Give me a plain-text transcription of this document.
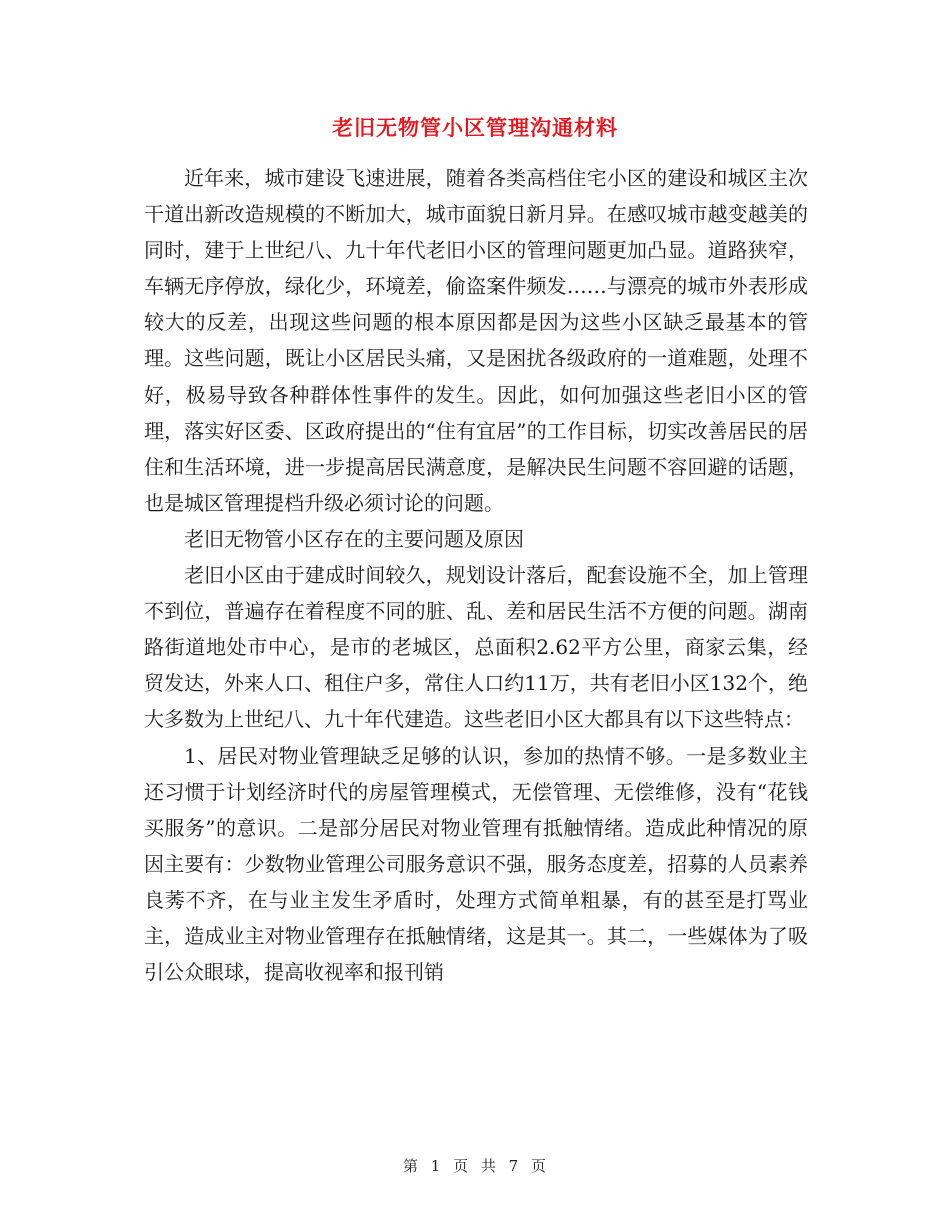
老旧无物管小区管理沟通材料

近年来，城市建设飞速进展，随着各类高档住宅小区的建设和城区主次干道出新改造规模的不断加大，城市面貌日新月异。在感叹城市越变越美的同时，建于上世纪八、九十年代老旧小区的管理问题更加凸显。道路狭窄，车辆无序停放，绿化少，环境差，偷盗案件频发……与漂亮的城市外表形成较大的反差，出现这些问题的根本原因都是因为这些小区缺乏最基本的管理。这些问题，既让小区居民头痛，又是困扰各级政府的一道难题，处理不好，极易导致各种群体性事件的发生。因此，如何加强这些老旧小区的管理，落实好区委、区政府提出的“住有宜居”的工作目标，切实改善居民的居住和生活环境，进一步提高居民满意度，是解决民生问题不容回避的话题，也是城区管理提档升级必须讨论的问题。

老旧无物管小区存在的主要问题及原因

老旧小区由于建成时间较久，规划设计落后，配套设施不全，加上管理不到位，普遍存在着程度不同的脏、乱、差和居民生活不方便的问题。湖南路街道地处市中心，是市的老城区，总面积2.62平方公里，商家云集，经贸发达，外来人口、租住户多，常住人口约11万，共有老旧小区132个，绝大多数为上世纪八、九十年代建造。这些老旧小区大都具有以下这些特点：

1、居民对物业管理缺乏足够的认识，参加的热情不够。一是多数业主还习惯于计划经济时代的房屋管理模式，无偿管理、无偿维修，没有“花钱买服务”的意识。二是部分居民对物业管理有抵触情绪。造成此种情况的原因主要有：少数物业管理公司服务意识不强，服务态度差，招募的人员素养良莠不齐，在与业主发生矛盾时，处理方式简单粗暴，有的甚至是打骂业主，造成业主对物业管理存在抵触情绪，这是其一。其二，一些媒体为了吸引公众眼球，提高收视率和报刊销

第 1 页 共 7 页
